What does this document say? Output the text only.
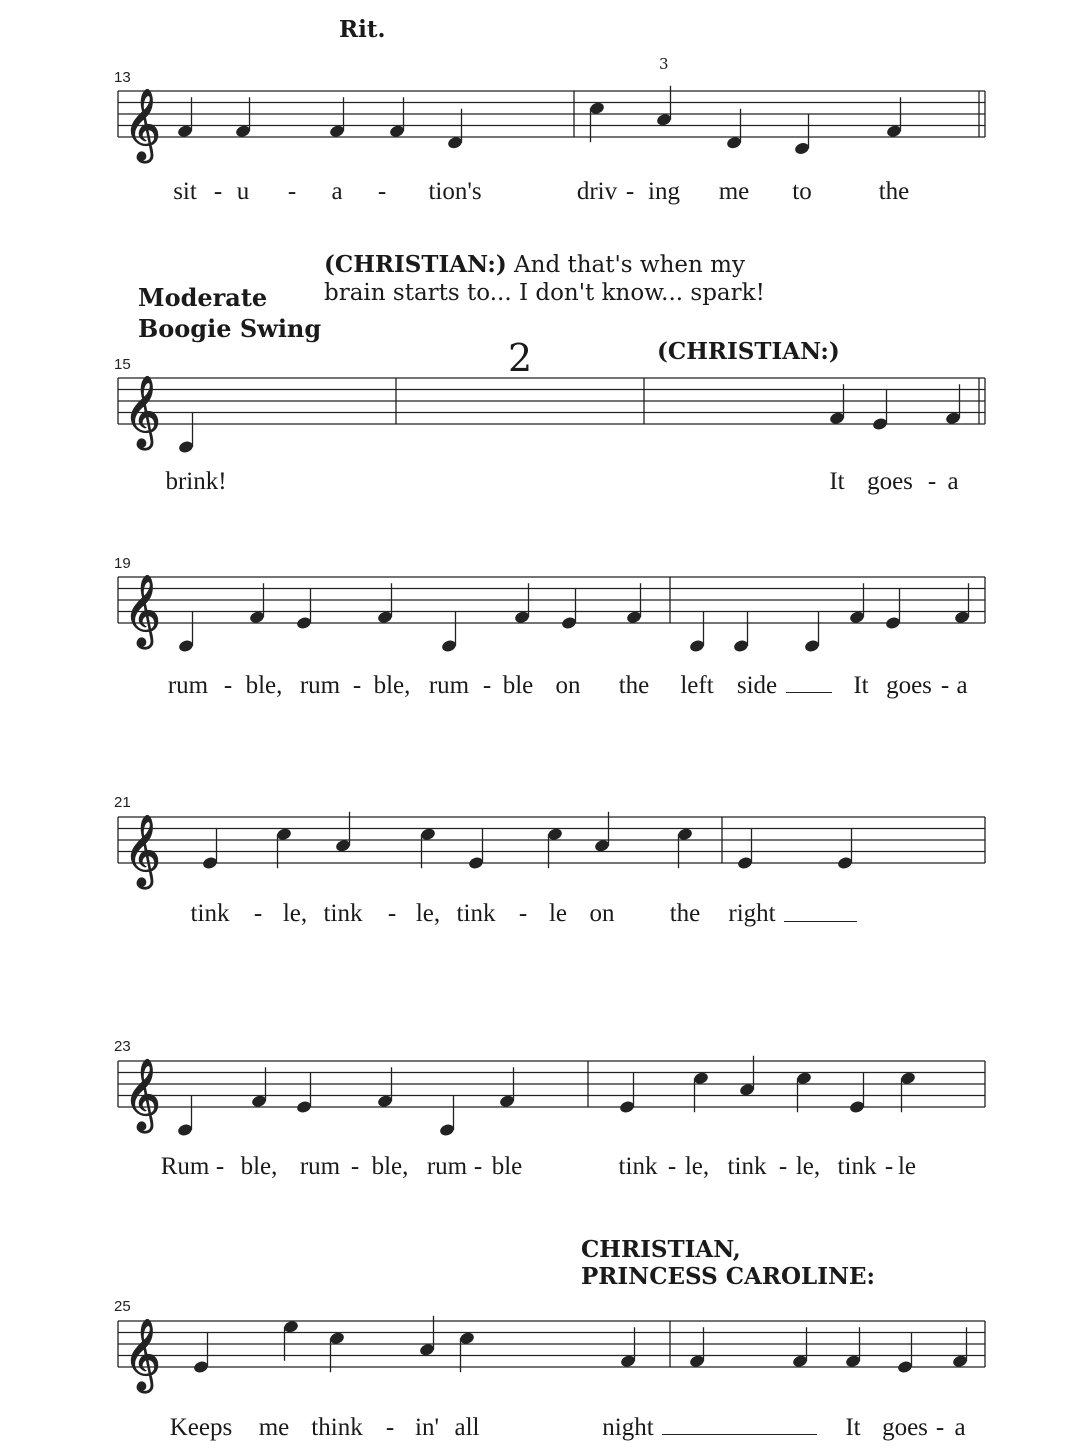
𝄞
𝄞
𝄞
𝄞
𝄞
𝄞
Rit.
3
Moderate
Boogie Swing
(CHRISTIAN:) And that's when my
brain starts to... I don't know... spark!
2	(CHRISTIAN:)
CHRISTIAN,
PRINCESS CAROLINE:
13
15
19
21
23
25
sit - u - a - tion's	driv - ing me to	the
brink!	It goes - a
rum - ble, rum - ble, rum - ble on the left side	It goes - a
tink - le, tink - le, tink - le on the right
Rum - ble, rum - ble, rum - ble	tink - le, tink - le, tink - le
Keeps me think - in' all	night	It goes - a
